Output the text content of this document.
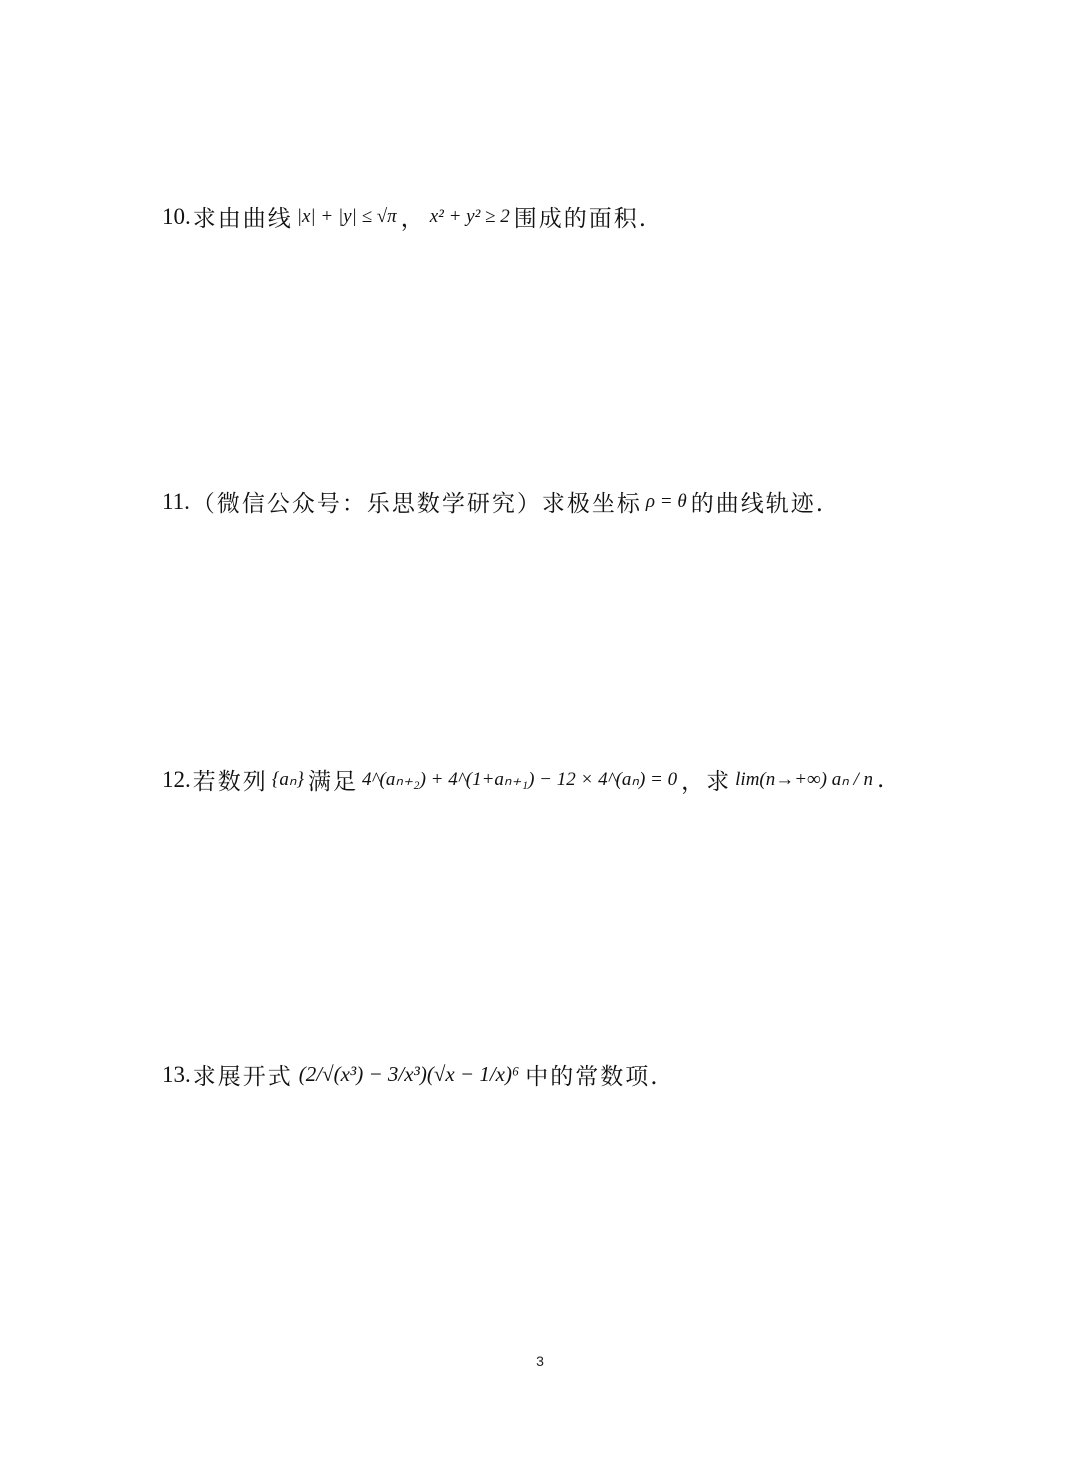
10. 求由曲线 |x| + |y| ≤ √π ， x² + y² ≥ 2 围成的面积.
11. （微信公众号：乐思数学研究）求极坐标 ρ = θ 的曲线轨迹.
12. 若数列 {aₙ} 满足 4^(aₙ₊₂) + 4^(1+aₙ₊₁) − 12 × 4^(aₙ) = 0 ，求 lim(n→+∞) aₙ / n .
13. 求展开式 (2/√(x³) − 3/x³)(√x − 1/x)⁶ 中的常数项.
3
